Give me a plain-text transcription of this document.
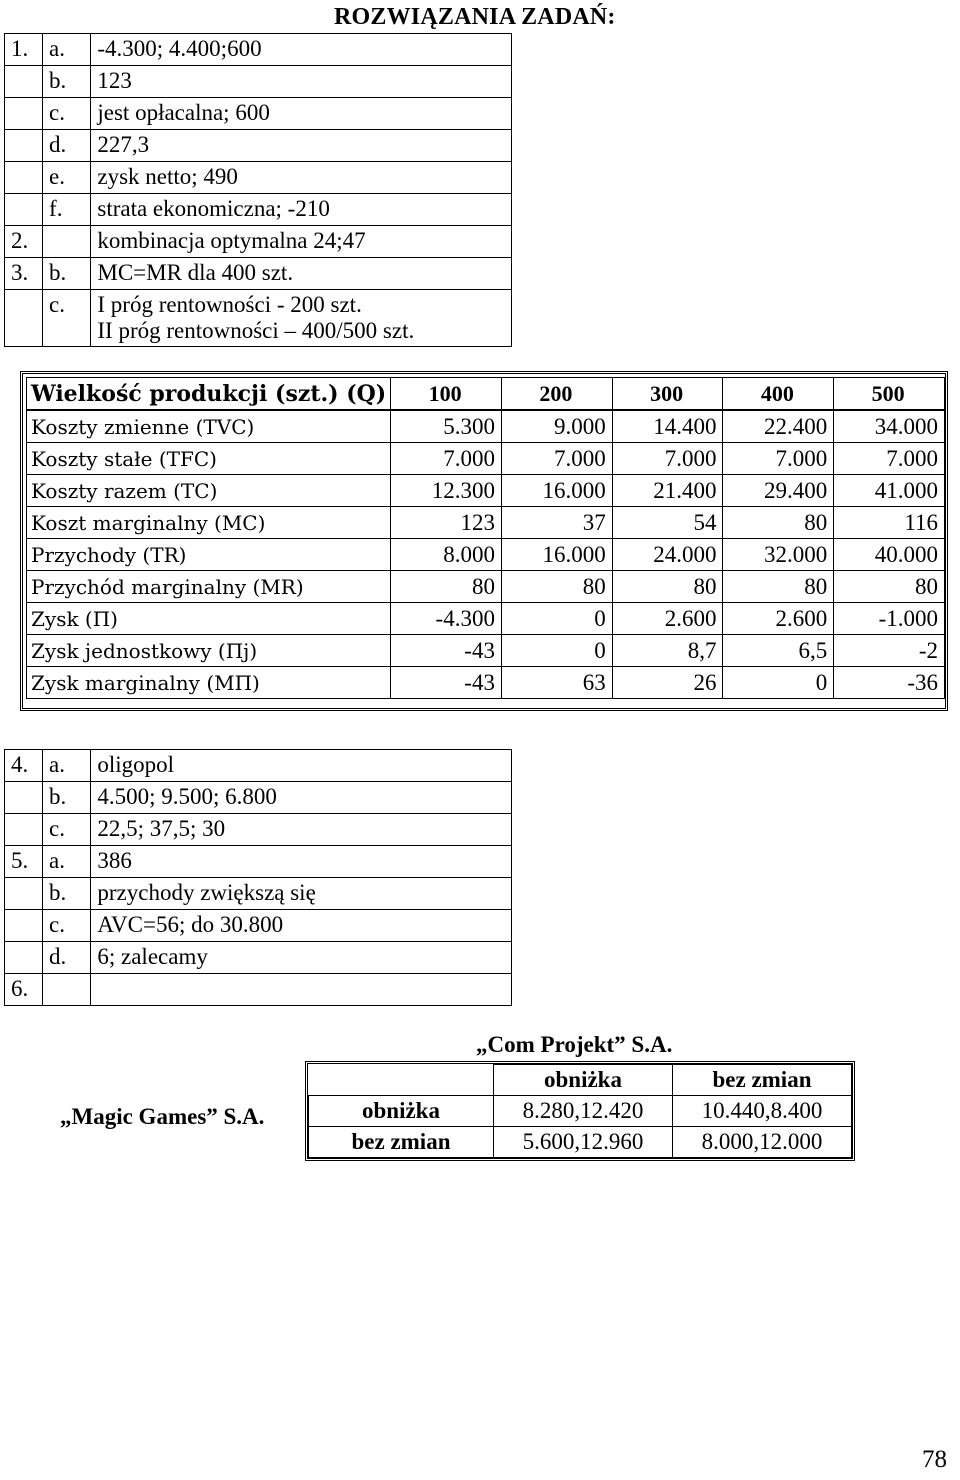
ROZWIĄZANIA ZADAŃ:
1.	a.	-4.300; 4.400;600

	b.	123

	c.	jest opłacalna; 600

	d.	227,3

	e.	zysk netto; 490

	f.	strata ekonomiczna; -210

2.		kombinacja optymalna 24;47

3.	b.	MC=MR dla 400 szt.

	c.	I próg rentowności - 200 szt.
II próg rentowności – 400/500 szt.
Wielkość produkcji (szt.) (Q)	100	200	300	400	500
Koszty zmienne (TVC)	5.300	9.000	14.400	22.400	34.000
Koszty stałe (TFC)	7.000	7.000	7.000	7.000	7.000
Koszty razem (TC)	12.300	16.000	21.400	29.400	41.000
Koszt marginalny (MC)	123	37	54	80	116
Przychody (TR)	8.000	16.000	24.000	32.000	40.000
Przychód marginalny (MR)	80	80	80	80	80
Zysk (Π)	-4.300	0	2.600	2.600	-1.000
Zysk jednostkowy (Πj)	-43	0	8,7	6,5	-2
Zysk marginalny (MΠ)	-43	63	26	0	-36
4.	a.	oligopol

	b.	4.500; 9.500; 6.800

	c.	22,5; 37,5; 30

5.	a.	386

	b.	przychody zwiększą się

	c.	AVC=56; do 30.800

	d.	6; zalecamy

6.		
„Com Projekt” S.A.
„Magic Games” S.A.
	obniżka	bez zmian
obniżka	8.280,12.420	10.440,8.400
bez zmian	5.600,12.960	8.000,12.000
78
